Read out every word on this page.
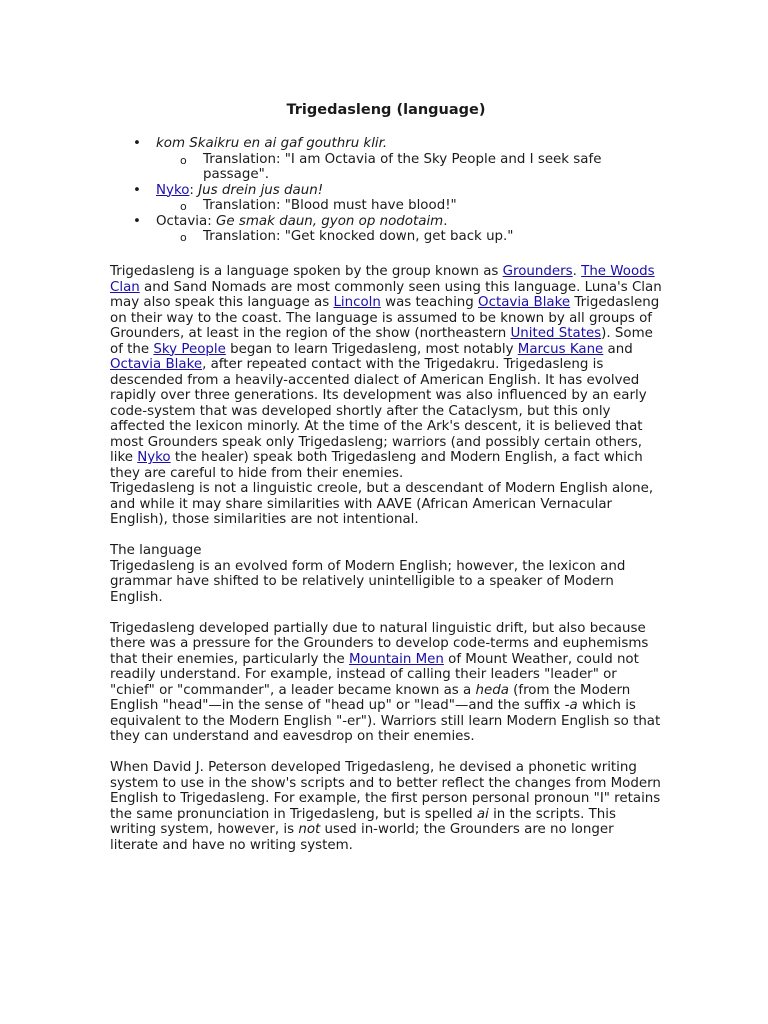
Trigedasleng (language)
• kom Skaikru en ai gaf gouthru klir.
o Translation: "I am Octavia of the Sky People and I seek safe passage".
• Nyko: Jus drein jus daun!
o Translation: "Blood must have blood!"
• Octavia: Ge smak daun, gyon op nodotaim.
o Translation: "Get knocked down, get back up."

Trigedasleng is a language spoken by the group known as Grounders. The Woods Clan and Sand Nomads are most commonly seen using this language. Luna's Clan may also speak this language as Lincoln was teaching Octavia Blake Trigedasleng on their way to the coast. The language is assumed to be known by all groups of Grounders, at least in the region of the show (northeastern United States). Some of the Sky People began to learn Trigedasleng, most notably Marcus Kane and Octavia Blake, after repeated contact with the Trigedakru. Trigedasleng is descended from a heavily-accented dialect of American English. It has evolved rapidly over three generations. Its development was also influenced by an early code-system that was developed shortly after the Cataclysm, but this only affected the lexicon minorly. At the time of the Ark's descent, it is believed that most Grounders speak only Trigedasleng; warriors (and possibly certain others, like Nyko the healer) speak both Trigedasleng and Modern English, a fact which they are careful to hide from their enemies.

Trigedasleng is not a linguistic creole, but a descendant of Modern English alone, and while it may share similarities with AAVE (African American Vernacular English), those similarities are not intentional.

The language

Trigedasleng is an evolved form of Modern English; however, the lexicon and grammar have shifted to be relatively unintelligible to a speaker of Modern English.

Trigedasleng developed partially due to natural linguistic drift, but also because there was a pressure for the Grounders to develop code-terms and euphemisms that their enemies, particularly the Mountain Men of Mount Weather, could not readily understand. For example, instead of calling their leaders "leader" or "chief" or "commander", a leader became known as a heda (from the Modern English "head"—in the sense of "head up" or "lead"—and the suffix -a which is equivalent to the Modern English "-er"). Warriors still learn Modern English so that they can understand and eavesdrop on their enemies.

When David J. Peterson developed Trigedasleng, he devised a phonetic writing system to use in the show's scripts and to better reflect the changes from Modern English to Trigedasleng. For example, the first person personal pronoun "I" retains the same pronunciation in Trigedasleng, but is spelled ai in the scripts. This writing system, however, is not used in-world; the Grounders are no longer literate and have no writing system.
